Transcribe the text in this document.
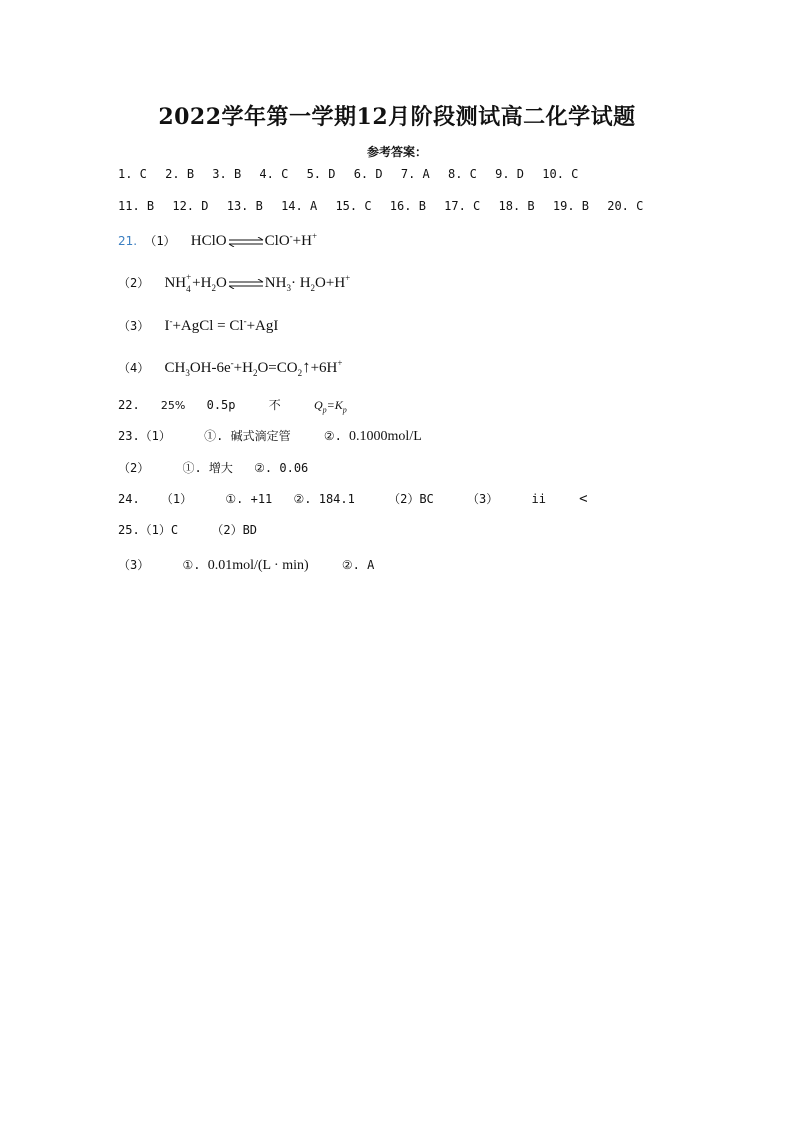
2022学年第一学期12月阶段测试高二化学试题
参考答案：
1. C 2. B 3. B 4. C 5. D 6. D 7. A 8. C 9. D 10. C
11. B 12. D 13. B 14. A 15. C 16. B 17. C 18. B 19. B 20. C
21. （1） HClO⇌ClO-+H+
（2） NH +
$4 +H_2O\rightleftharpoons NH_3\cdot H_2O+H^+$
（3） I-+AgCl = Cl-+AgI
（4） $CH_3OH-6e^-+H_2O=CO_2↑+6H^+$
22. 25% 0.5p	不	$Q_p=K_p$
23.（1）	①. 碱式滴定管	②. 0.1000mol/L
（2）	①. 增大 ②. 0.06
24. （1）	①. +11 ②. 184.1	（2）BC	（3）	ii <
25.（1）C	（2）BD
（3）	①. 0.01mol/(L · min)	②. A
